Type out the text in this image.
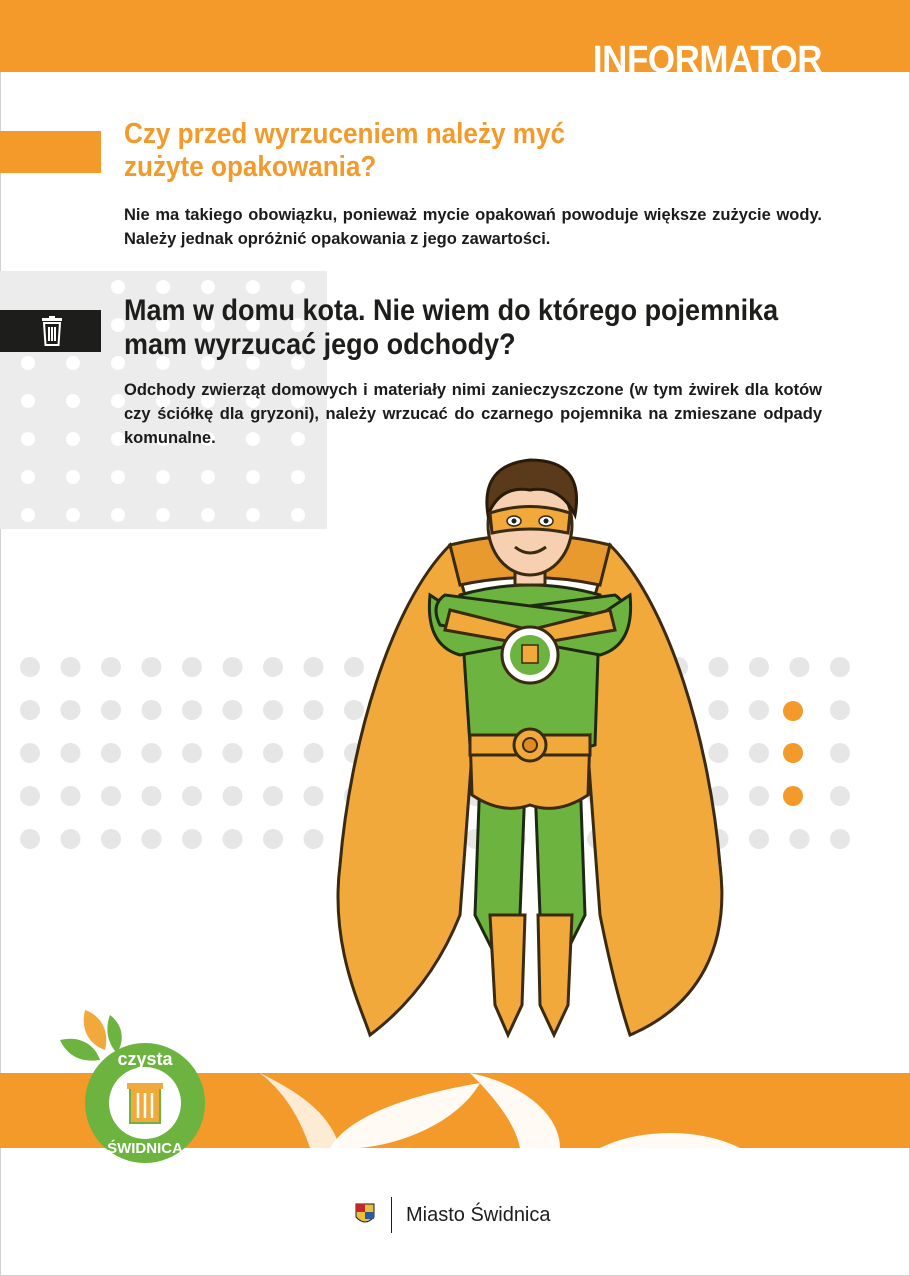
INFORMATOR
Czy przed wyrzuceniem należy myć
zużyte opakowania?
Nie ma takiego obowiązku, ponieważ mycie opakowań powoduje większe zużycie wody. Należy jednak opróżnić opakowania z jego zawartości.
Mam w domu kota. Nie wiem do którego pojemnika
mam wyrzucać jego odchody?
Odchody zwierząt domowych i materiały nimi zanieczyszczone (w tym żwirek dla kotów czy ściółkę dla gryzoni), należy wrzucać do czarnego pojemnika na zmieszane odpady komunalne.
czysta
ŚWIDNICA
Miasto Świdnica
